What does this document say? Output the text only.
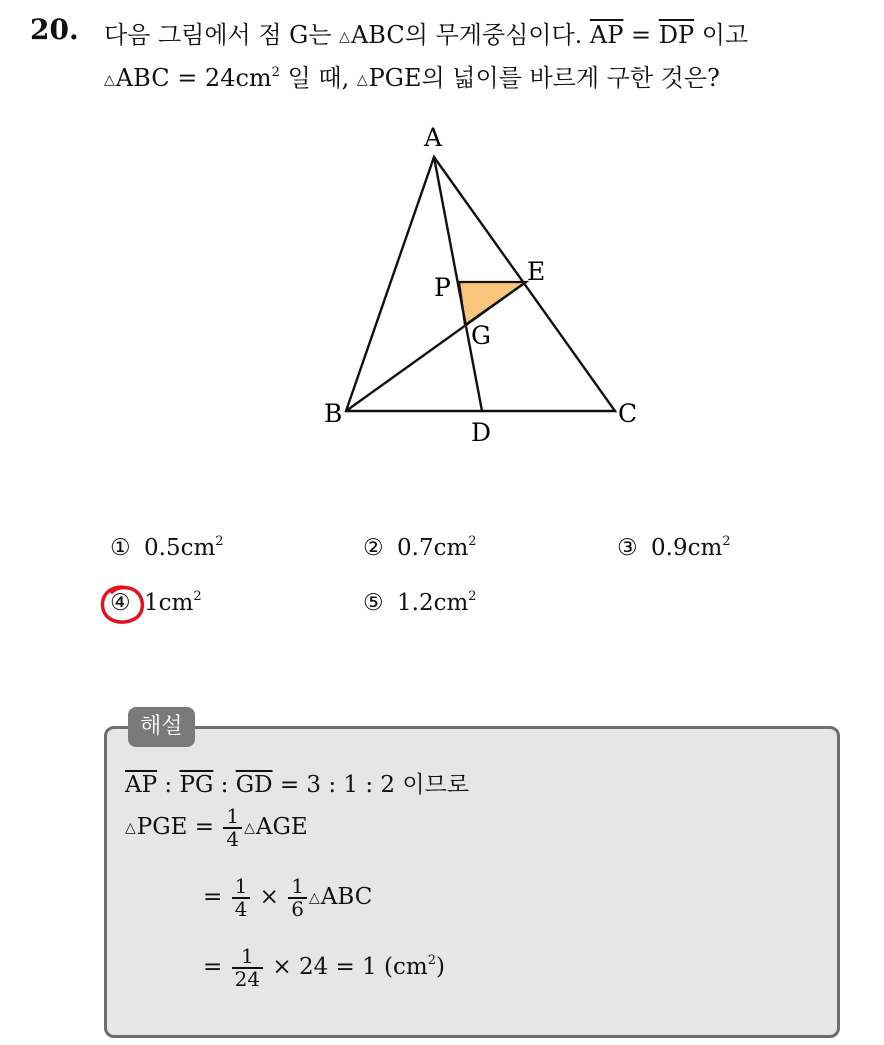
20. 다음 그림에서 점 G는 △ABC의 무게중심이다. $\overline{AP} = \overline{DP}$ 이고
△ABC = $24cm^2$ 일 때, △PGE의 넓이를 바르게 구한 것은?
A
B	C
D
E
P
G
① $0.5cm^2$	② $0.7cm^2$	③ $0.9cm^2$
④ $1cm^2$	⑤ $1.2cm^2$
해설
$\overline{AP}$ : $\overline{PG}$ : $\overline{GD} = 3$ : 1 : 2 이므로
△PGE = $\frac{1}{4}$ △AGE
= $\frac{1}{4} \times \frac{1}{6}$ △ABC
= $\frac{1}{24} \times 24 = 1$ $(cm^2)$
